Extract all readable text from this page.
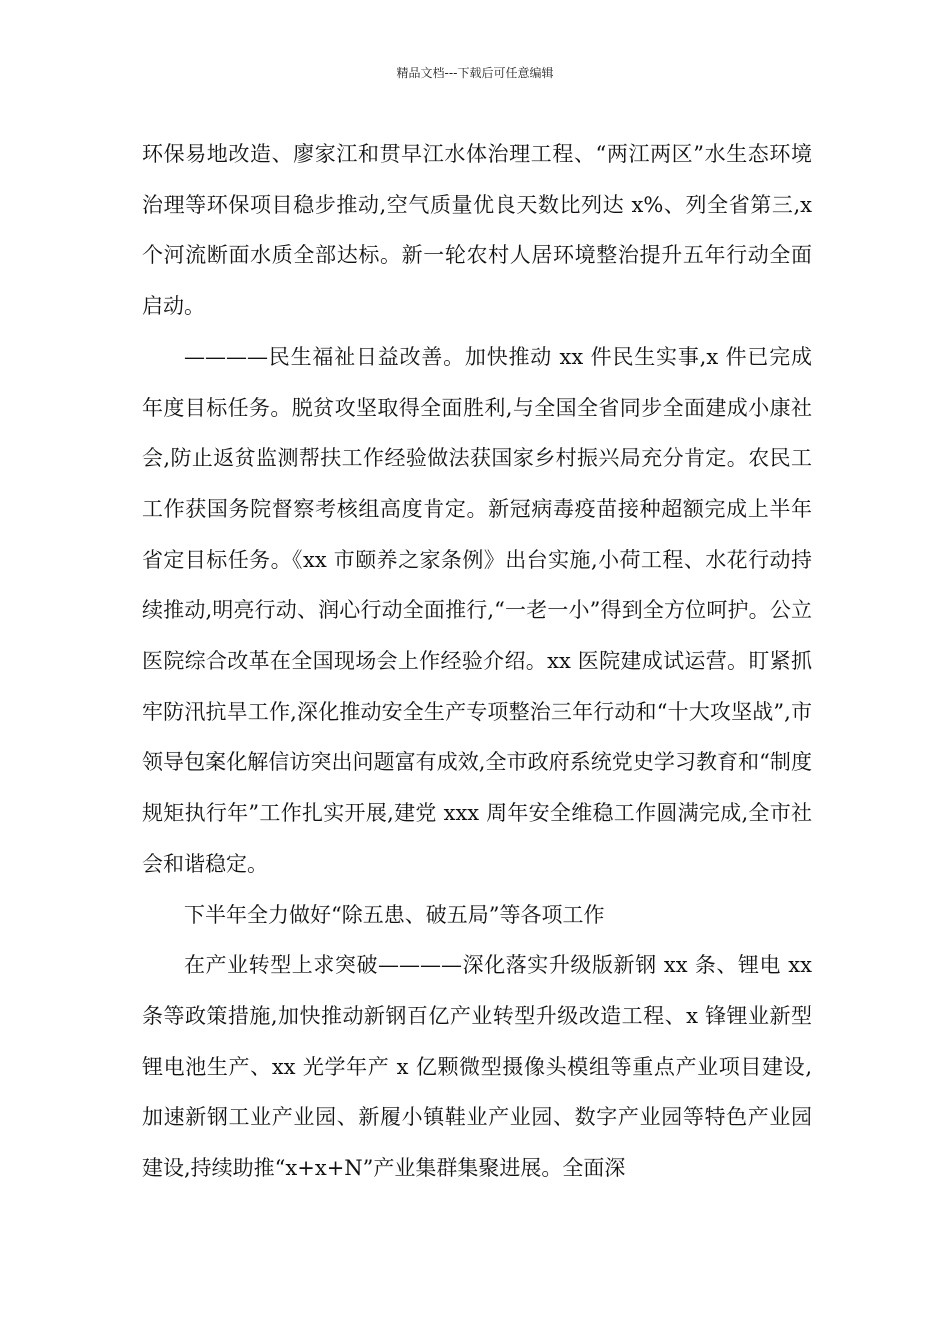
精品文档---下载后可任意编辑

环保易地改造、廖家江和贯早江水体治理工程、“两江两区”水生态环境治理等环保项目稳步推动,空气质量优良天数比列达 x%、列全省第三,x 个河流断面水质全部达标。新一轮农村人居环境整治提升五年行动全面启动。

————民生福祉日益改善。加快推动 xx 件民生实事,x 件已完成年度目标任务。脱贫攻坚取得全面胜利,与全国全省同步全面建成小康社会,防止返贫监测帮扶工作经验做法获国家乡村振兴局充分肯定。农民工工作获国务院督察考核组高度肯定。新冠病毒疫苗接种超额完成上半年省定目标任务。《xx 市颐养之家条例》出台实施,小荷工程、水花行动持续推动,明亮行动、润心行动全面推行,“一老一小”得到全方位呵护。公立医院综合改革在全国现场会上作经验介绍。xx 医院建成试运营。盯紧抓牢防汛抗旱工作,深化推动安全生产专项整治三年行动和“十大攻坚战”,市领导包案化解信访突出问题富有成效,全市政府系统党史学习教育和“制度规矩执行年”工作扎实开展,建党 xxx 周年安全维稳工作圆满完成,全市社会和谐稳定。

下半年全力做好“除五患、破五局”等各项工作

在产业转型上求突破————深化落实升级版新钢 xx 条、锂电 xx 条等政策措施,加快推动新钢百亿产业转型升级改造工程、x 锋锂业新型锂电池生产、xx 光学年产 x 亿颗微型摄像头模组等重点产业项目建设,加速新钢工业产业园、新履小镇鞋业产业园、数字产业园等特色产业园建设,持续助推“x+x+N”产业集群集聚进展。全面深
